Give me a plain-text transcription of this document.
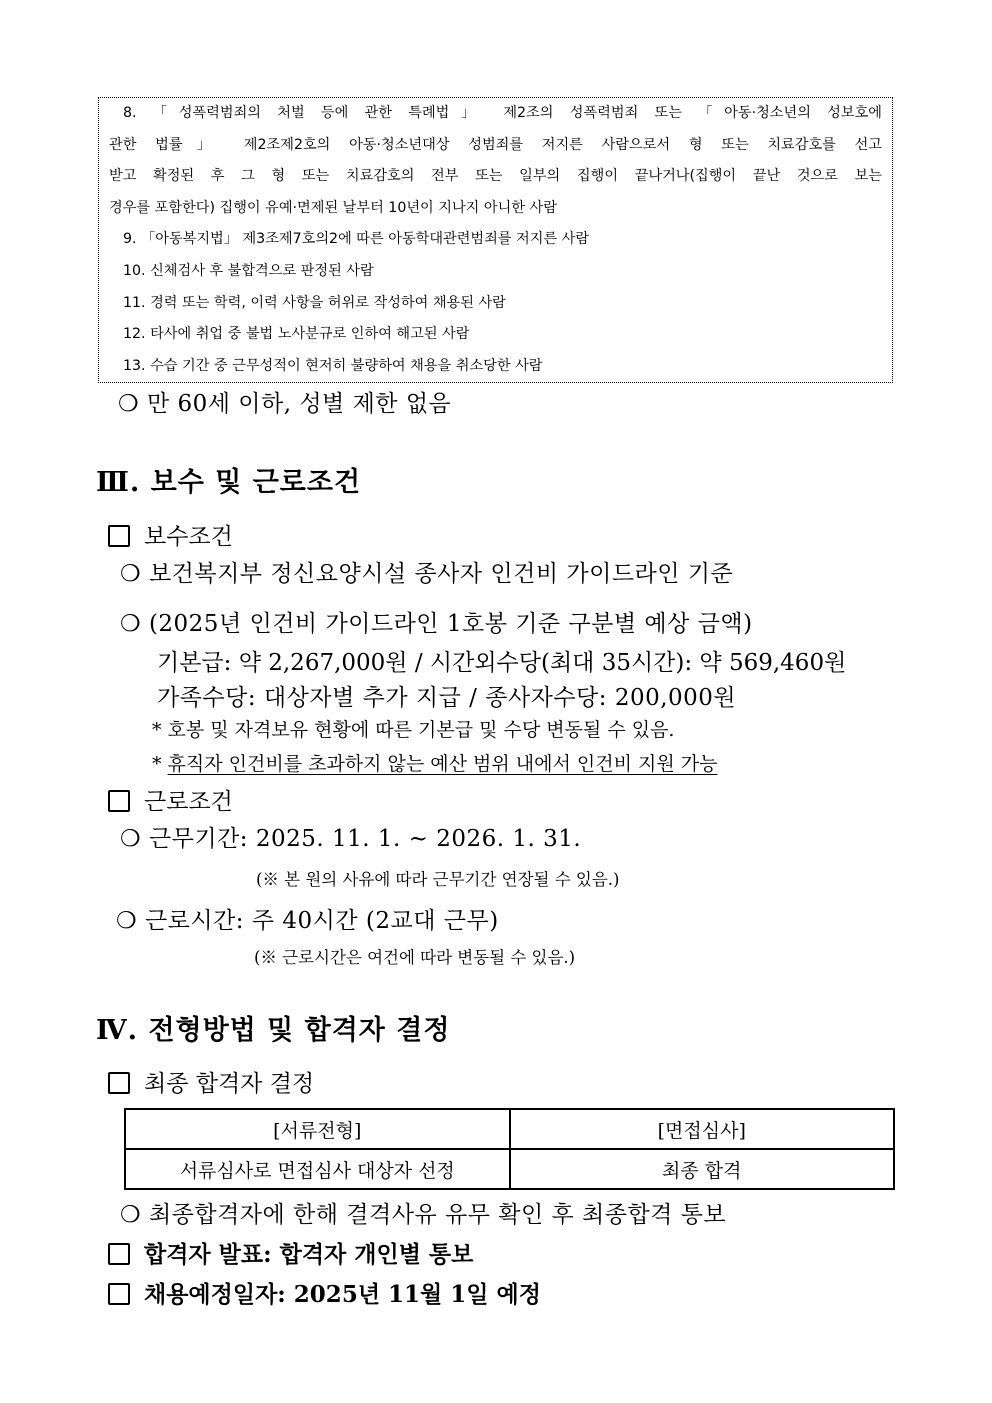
8. 「성폭력범죄의 처벌 등에 관한 특례법」 제2조의 성폭력범죄 또는 「아동·청소년의 성보호에
관한 법률」 제2조제2호의 아동·청소년대상 성범죄를 저지른 사람으로서 형 또는 치료감호를 선고
받고 확정된 후 그 형 또는 치료감호의 전부 또는 일부의 집행이 끝나거나(집행이 끝난 것으로 보는
경우를 포함한다) 집행이 유예·면제된 날부터 10년이 지나지 아니한 사람
9. 「아동복지법」 제3조제7호의2에 따른 아동학대관련범죄를 저지른 사람
10. 신체검사 후 불합격으로 판정된 사람
11. 경력 또는 학력, 이력 사항을 허위로 작성하여 채용된 사람
12. 타사에 취업 중 불법 노사분규로 인하여 해고된 사람
13. 수습 기간 중 근무성적이 현저히 불량하여 채용을 취소당한 사람
❍ 만 60세 이하, 성별 제한 없음
Ⅲ. 보수 및 근로조건
보수조건
❍ 보건복지부 정신요양시설 종사자 인건비 가이드라인 기준
❍ (2025년 인건비 가이드라인 1호봉 기준 구분별 예상 금액)
기본급: 약 2,267,000원 / 시간외수당(최대 35시간): 약 569,460원
가족수당: 대상자별 추가 지급 / 종사자수당: 200,000원
* 호봉 및 자격보유 현황에 따른 기본급 및 수당 변동될 수 있음.
* 휴직자 인건비를 초과하지 않는 예산 범위 내에서 인건비 지원 가능
근로조건
❍ 근무기간: 2025. 11. 1. ~ 2026. 1. 31.
(※ 본 원의 사유에 따라 근무기간 연장될 수 있음.)
❍ 근로시간: 주 40시간 (2교대 근무)
(※ 근로시간은 여건에 따라 변동될 수 있음.)
Ⅳ. 전형방법 및 합격자 결정
최종 합격자 결정
[서류전형]	[면접심사]
서류심사로 면접심사 대상자 선정	최종 합격
❍ 최종합격자에 한해 결격사유 유무 확인 후 최종합격 통보
합격자 발표: 합격자 개인별 통보
채용예정일자: 2025년 11월 1일 예정
